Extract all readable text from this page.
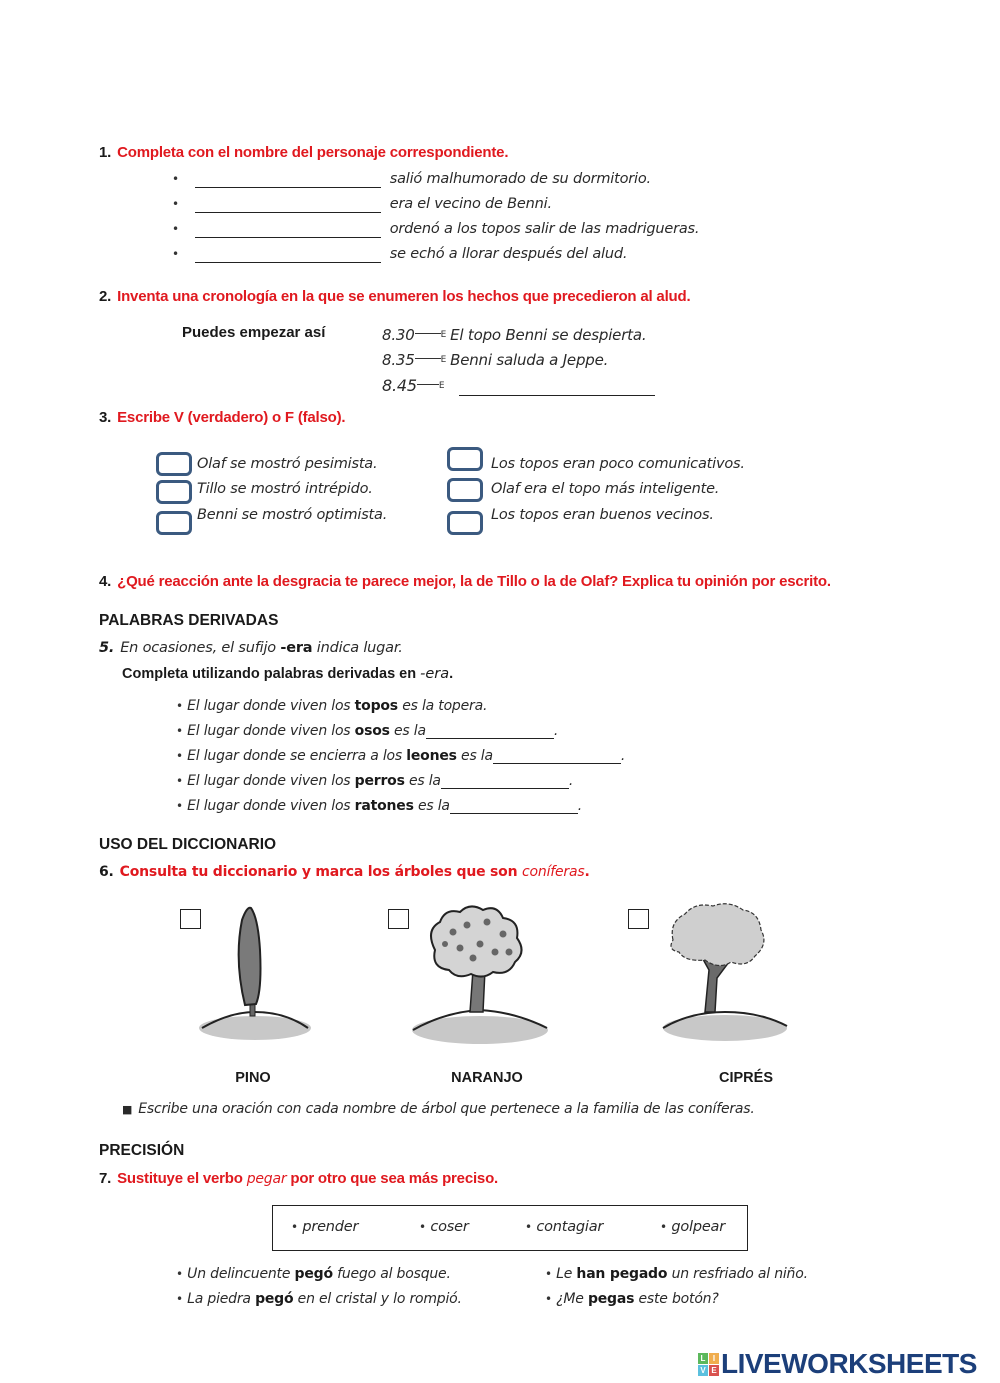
1. Completa con el nombre del personaje correspondiente.
•	salió malhumorado de su dormitorio.
•	era el vecino de Benni.
•	ordenó a los topos salir de las madrigueras.
•	se echó a llorar después del alud.
2. Inventa una cronología en la que se enumeren los hechos que precedieron al alud.
Puedes empezar así	8.30	E El topo Benni se despierta.
8.35	E Benni saluda a Jeppe.
8.45 E
3. Escribe V (verdadero) o F (falso).
Olaf se mostró pesimista.
Tillo se mostró intrépido.
Benni se mostró optimista.
Los topos eran poco comunicativos.
Olaf era el topo más inteligente.
Los topos eran buenos vecinos.
4. ¿Qué reacción ante la desgracia te parece mejor, la de Tillo o la de Olaf? Explica tu opinión por escrito.
PALABRAS DERIVADAS
5. En ocasiones, el sufijo -era indica lugar.
Completa utilizando palabras derivadas en -era.
• El lugar donde viven los topos es la topera.
• El lugar donde viven los osos es la	.
• El lugar donde se encierra a los leones es la	.
• El lugar donde viven los perros es la	.
• El lugar donde viven los ratones es la	.
USO DEL DICCIONARIO
6. Consulta tu diccionario y marca los árboles que son coníferas.
PINO	NARANJO	CIPRÉS
■ Escribe una oración con cada nombre de árbol que pertenece a la familia de las coníferas.
PRECISIÓN
7. Sustituye el verbo pegar por otro que sea más preciso.
• prender	• coser	• contagiar	• golpear
• Un delincuente pegó fuego al bosque.
• La piedra pegó en el cristal y lo rompió.
• Le han pegado un resfriado al niño.
• ¿Me pegas este botón?
L I
V E LIVEWORKSHEETS
